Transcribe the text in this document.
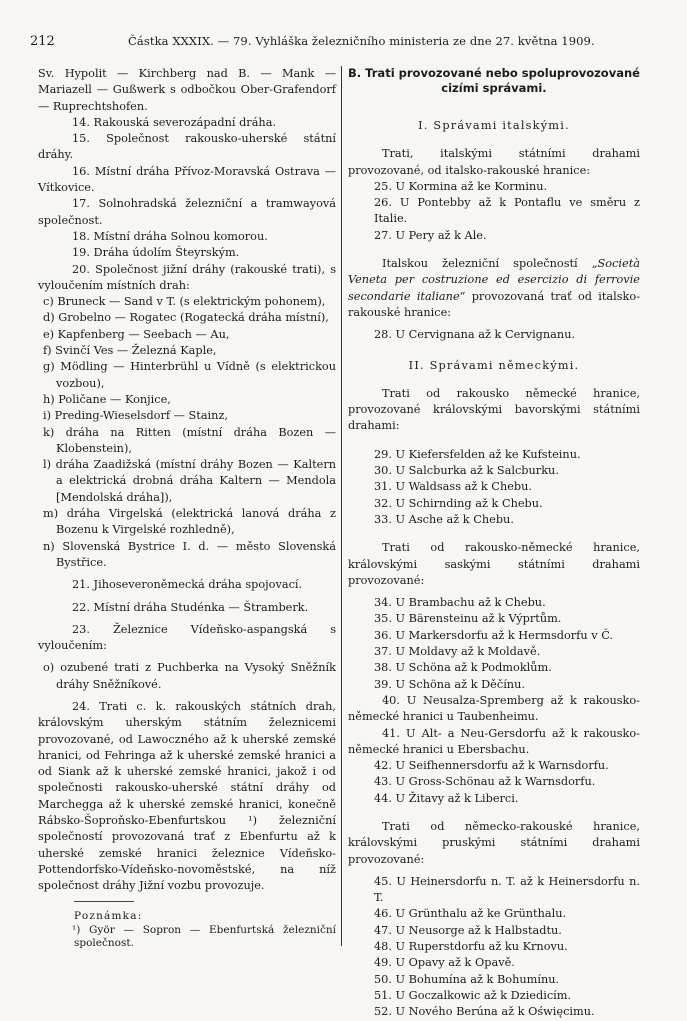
212	Částka XXXIX. — 79. Vyhláška železničního ministeria ze dne 27. května 1909.

Sv. Hypolit — Kirchberg nad B. — Mank — Mariazell — Gußwerk s odbočkou Ober-Grafendorf — Ruprechtshofen.

14. Rakouská severozápadní dráha.

15. Společnost rakousko-uherské státní dráhy.

16. Místní dráha Přívoz-Moravská Ostrava — Vítkovice.

17. Solnohradská železniční a tramwayová společnost.

18. Místní dráha Solnou komorou.

19. Dráha údolím Šteyrským.

20. Společnost jižní dráhy (rakouské trati), s vyloučením místních drah:

c) Bruneck — Sand v T. (s elektrickým pohonem),

d) Grobelno — Rogatec (Rogatecká dráha místní),

e) Kapfenberg — Seebach — Au,

f) Svinčí Ves — Železná Kaple,

g) Mödling — Hinterbrühl u Vídně (s elektrickou vozbou),

h) Poličane — Konjice,

i) Preding-Wieselsdorf — Stainz,

k) dráha na Ritten (místní dráha Bozen — Klobenstein),

l) dráha Zaadižská (místní dráhy Bozen — Kaltern a elektrická drobná dráha Kaltern — Mendola [Mendolská dráha]),

m) dráha Virgelská (elektrická lanová dráha z Bozenu k Virgelské rozhledně),

n) Slovenská Bystrice I. d. — město Slovenská Bystřice.

21. Jihoseveroněmecká dráha spojovací.

22. Místní dráha Studénka — Štramberk.

23. Železnice Vídeňsko-aspangská s vyloučením:

o) ozubené trati z Puchberka na Vysoký Sněžník dráhy Sněžníkové.

24. Trati c. k. rakouských státních drah, královským uherským státním železnicemi provozované, od Lawoczného až k uherské zemské hranici, od Fehringa až k uherské zemské hranici a od Siank až k uherské zemské hranici, jakož i od společnosti rakousko-uherské státní dráhy od Marchegga až k uherské zemské hranici, konečně Rábsko-Šoproňsko-Ebenfurtskou ¹) železniční společností provozovaná trať z Ebenfurtu až k uherské zemské hranici železnice Vídeňsko-Pottendorfsko-Vídeňsko-novoměstské, na níž společnost dráhy Jižní vozbu provozuje.

Poznámka:

¹) Györ — Sopron — Ebenfurtská železniční společnost.

B. Trati provozované nebo spoluprovozované cizími správami.
I. Správami italskými.

Trati, italskými státními drahami provozované, od italsko-rakouské hranice:

25. U Kormina až ke Korminu.

26. U Pontebby až k Pontaflu ve směru z Italie.

27. U Pery až k Ale.

Italskou železniční společností „Società Veneta per costruzione ed esercizio di ferrovie secondarie italiane“ provozovaná trať od italsko-rakouské hranice:

28. U Cervignana až k Cervignanu.

II. Správami německými.

Trati od rakousko německé hranice, provozované královskými bavorskými státními drahami:

29. U Kiefersfelden až ke Kufsteinu.

30. U Salcburka až k Salcburku.

31. U Waldsass až k Chebu.

32. U Schirnding až k Chebu.

33. U Asche až k Chebu.

Trati od rakousko-německé hranice, královskými saskými státními drahami provozované:

34. U Brambachu až k Chebu.

35. U Bärensteinu až k Výprtům.

36. U Markersdorfu až k Hermsdorfu v Č.

37. U Moldavy až k Moldavě.

38. U Schöna až k Podmoklům.

39. U Schöna až k Děčínu.

40. U Neusalza-Spremberg až k rakousko-německé hranici u Taubenheimu.

41. U Alt- a Neu-Gersdorfu až k rakousko-německé hranici u Ebersbachu.

42. U Seifhennersdorfu až k Warnsdorfu.

43. U Gross-Schönau až k Warnsdorfu.

44. U Žitavy až k Liberci.

Trati od německo-rakouské hranice, královskými pruskými státními drahami provozované:

45. U Heinersdorfu n. T. až k Heinersdorfu n. T.

46. U Grünthalu až ke Grünthalu.

47. U Neusorge až k Halbstadtu.

48. U Ruperstdorfu až ku Krnovu.

49. U Opavy až k Opavě.

50. U Bohumína až k Bohumínu.

51. U Goczalkowic až k Dziedicím.

52. U Nového Berúna až k Oświęcimu.
